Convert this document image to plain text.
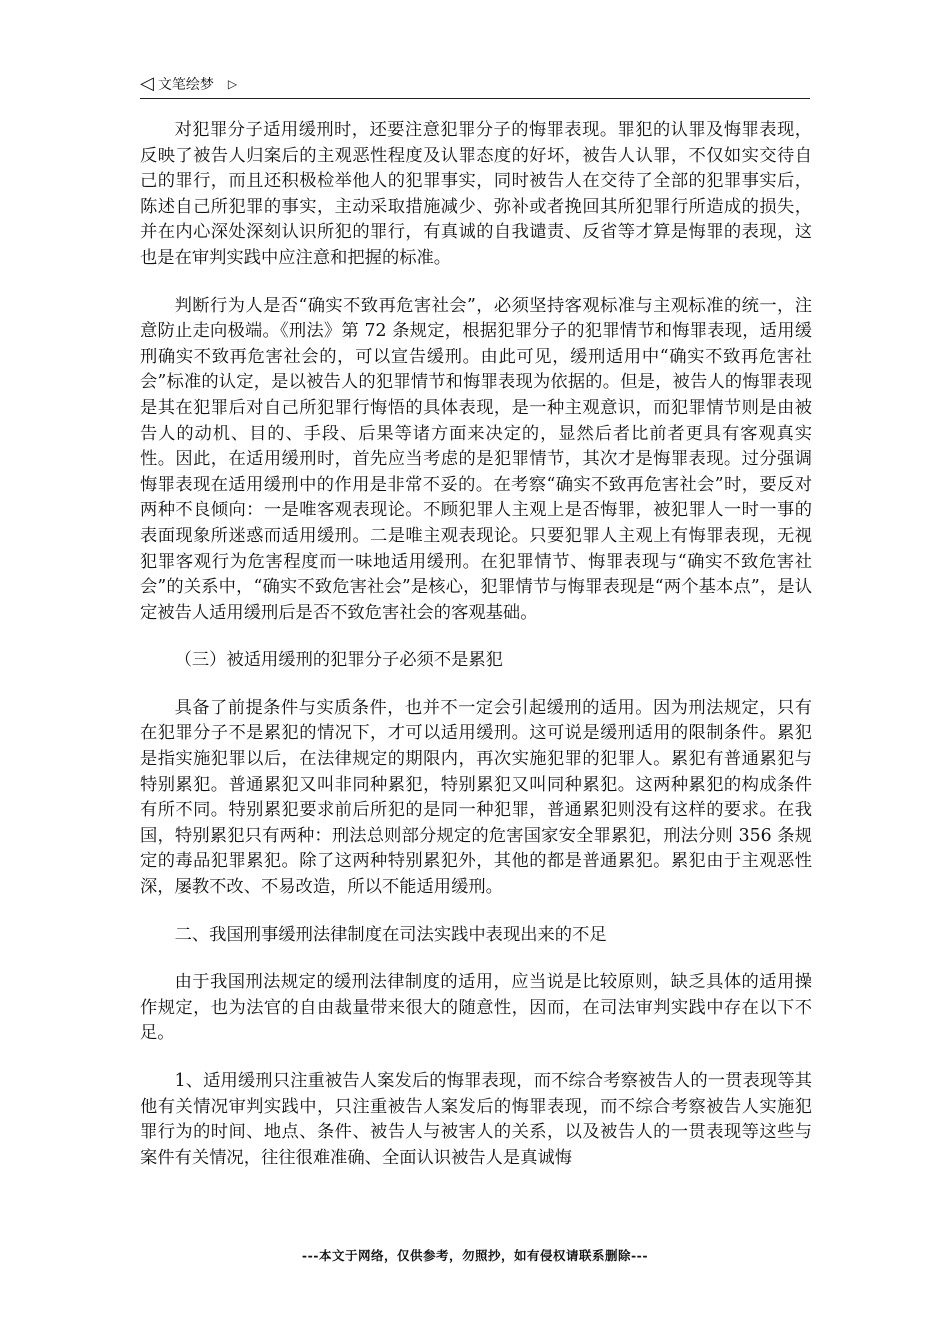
◁ 文笔绘梦 ▷

对犯罪分子适用缓刑时，还要注意犯罪分子的悔罪表现。罪犯的认罪及悔罪表现，反映了被告人归案后的主观恶性程度及认罪态度的好坏，被告人认罪，不仅如实交待自己的罪行，而且还积极检举他人的犯罪事实，同时被告人在交待了全部的犯罪事实后，陈述自己所犯罪的事实，主动采取措施减少、弥补或者挽回其所犯罪行所造成的损失，并在内心深处深刻认识所犯的罪行，有真诚的自我谴责、反省等才算是悔罪的表现，这也是在审判实践中应注意和把握的标准。

判断行为人是否“确实不致再危害社会”，必须坚持客观标准与主观标准的统一，注意防止走向极端。《刑法》第 72 条规定，根据犯罪分子的犯罪情节和悔罪表现，适用缓刑确实不致再危害社会的，可以宣告缓刑。由此可见，缓刑适用中“确实不致再危害社会”标准的认定，是以被告人的犯罪情节和悔罪表现为依据的。但是，被告人的悔罪表现是其在犯罪后对自己所犯罪行悔悟的具体表现，是一种主观意识，而犯罪情节则是由被告人的动机、目的、手段、后果等诸方面来决定的，显然后者比前者更具有客观真实性。因此，在适用缓刑时，首先应当考虑的是犯罪情节，其次才是悔罪表现。过分强调悔罪表现在适用缓刑中的作用是非常不妥的。在考察“确实不致再危害社会”时，要反对两种不良倾向：一是唯客观表现论。不顾犯罪人主观上是否悔罪，被犯罪人一时一事的表面现象所迷惑而适用缓刑。二是唯主观表现论。只要犯罪人主观上有悔罪表现，无视犯罪客观行为危害程度而一味地适用缓刑。在犯罪情节、悔罪表现与“确实不致危害社会”的关系中，“确实不致危害社会”是核心，犯罪情节与悔罪表现是“两个基本点”，是认定被告人适用缓刑后是否不致危害社会的客观基础。

（三）被适用缓刑的犯罪分子必须不是累犯

具备了前提条件与实质条件，也并不一定会引起缓刑的适用。因为刑法规定，只有在犯罪分子不是累犯的情况下，才可以适用缓刑。这可说是缓刑适用的限制条件。累犯是指实施犯罪以后，在法律规定的期限内，再次实施犯罪的犯罪人。累犯有普通累犯与特别累犯。普通累犯又叫非同种累犯，特别累犯又叫同种累犯。这两种累犯的构成条件有所不同。特别累犯要求前后所犯的是同一种犯罪，普通累犯则没有这样的要求。在我国，特别累犯只有两种：刑法总则部分规定的危害国家安全罪累犯，刑法分则 356 条规定的毒品犯罪累犯。除了这两种特别累犯外，其他的都是普通累犯。累犯由于主观恶性深，屡教不改、不易改造，所以不能适用缓刑。

二、我国刑事缓刑法律制度在司法实践中表现出来的不足

由于我国刑法规定的缓刑法律制度的适用，应当说是比较原则，缺乏具体的适用操作规定，也为法官的自由裁量带来很大的随意性，因而，在司法审判实践中存在以下不足。

1、适用缓刑只注重被告人案发后的悔罪表现，而不综合考察被告人的一贯表现等其他有关情况审判实践中，只注重被告人案发后的悔罪表现，而不综合考察被告人实施犯罪行为的时间、地点、条件、被告人与被害人的关系，以及被告人的一贯表现等这些与案件有关情况，往往很难准确、全面认识被告人是真诚悔

---本文于网络，仅供参考，勿照抄，如有侵权请联系删除---
